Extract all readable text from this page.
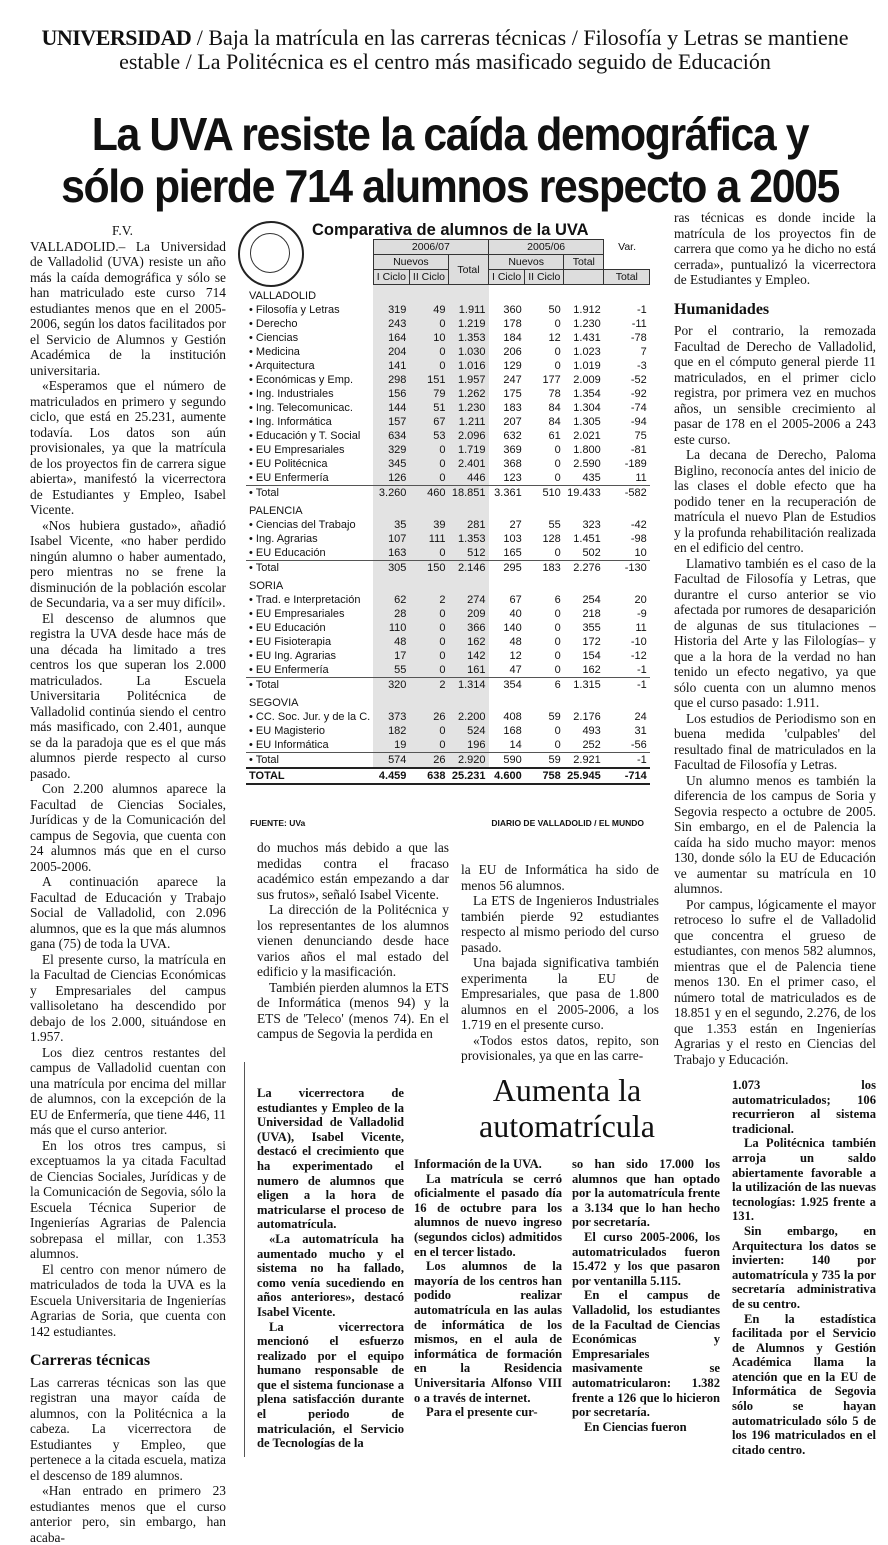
UNIVERSIDAD / Baja la matrícula en las carreras técnicas / Filosofía y Letras se mantiene estable / La Politécnica es el centro más masificado seguido de Educación
La UVA resiste la caída demográfica y sólo pierde 714 alumnos respecto a 2005

F.V.

VALLADOLID.– La Universidad de Valladolid (UVA) resiste un año más la caída demográfica y sólo se han matriculado este curso 714 estudiantes menos que en el 2005-2006, según los datos facilitados por el Servicio de Alumnos y Gestión Académica de la institución universitaria.

«Esperamos que el número de matriculados en primero y segundo ciclo, que está en 25.231, aumente todavía. Los datos son aún provisionales, ya que la matrícula de los proyectos fin de carrera sigue abierta», manifestó la vicerrectora de Estudiantes y Empleo, Isabel Vicente.

«Nos hubiera gustado», añadió Isabel Vicente, «no haber perdido ningún alumno o haber aumentado, pero mientras no se frene la disminución de la población escolar de Secundaria, va a ser muy difícil».

El descenso de alumnos que registra la UVA desde hace más de una década ha limitado a tres centros los que superan los 2.000 matriculados. La Escuela Universitaria Politécnica de Valladolid continúa siendo el centro más masificado, con 2.401, aunque se da la paradoja que es el que más alumnos pierde respecto al curso pasado.

Con 2.200 alumnos aparece la Facultad de Ciencias Sociales, Jurídicas y de la Comunicación del campus de Segovia, que cuenta con 24 alumnos más que en el curso 2005-2006.

A continuación aparece la Facultad de Educación y Trabajo Social de Valladolid, con 2.096 alumnos, que es la que más alumnos gana (75) de toda la UVA.

El presente curso, la matrícula en la Facultad de Ciencias Económicas y Empresariales del campus vallisoletano ha descendido por debajo de los 2.000, situándose en 1.957.

Los diez centros restantes del campus de Valladolid cuentan con una matrícula por encima del millar de alumnos, con la excepción de la EU de Enfermería, que tiene 446, 11 más que el curso anterior.

En los otros tres campus, si exceptuamos la ya citada Facultad de Ciencias Sociales, Jurídicas y de la Comunicación de Segovia, sólo la Escuela Técnica Superior de Ingenierías Agrarias de Palencia sobrepasa el millar, con 1.353 alumnos.

El centro con menor número de matriculados de toda la UVA es la Escuela Universitaria de Ingenierías Agrarias de Soria, que cuenta con 142 estudiantes.

Carreras técnicas

Las carreras técnicas son las que registran una mayor caída de alumnos, con la Politécnica a la cabeza. La vicerrectora de Estudiantes y Empleo, que pertenece a la citada escuela, matiza el descenso de 189 alumnos.

«Han entrado en primero 23 estudiantes menos que el curso anterior pero, sin embargo, han acaba-

Comparativa de alumnos de la UVA
	2006/07			2005/06			Var.
	Nuevos		Total	Nuevos		Total	
	I Ciclo	II Ciclo		I Ciclo	II Ciclo		Total
VALLADOLID							
• Filosofía y Letras	319	49	1.911	360	50	1.912	-1
• Derecho	243	0	1.219	178	0	1.230	-11
• Ciencias	164	10	1.353	184	12	1.431	-78
• Medicina	204	0	1.030	206	0	1.023	7
• Arquitectura	141	0	1.016	129	0	1.019	-3
• Económicas y Emp.	298	151	1.957	247	177	2.009	-52
• Ing. Industriales	156	79	1.262	175	78	1.354	-92
• Ing. Telecomunicac.	144	51	1.230	183	84	1.304	-74
• Ing. Informática	157	67	1.211	207	84	1.305	-94
• Educación y T. Social	634	53	2.096	632	61	2.021	75
• EU Empresariales	329	0	1.719	369	0	1.800	-81
• EU Politécnica	345	0	2.401	368	0	2.590	-189
• EU Enfermería	126	0	446	123	0	435	11
• Total	3.260	460	18.851	3.361	510	19.433	-582
PALENCIA							
• Ciencias del Trabajo	35	39	281	27	55	323	-42
• Ing. Agrarias	107	111	1.353	103	128	1.451	-98
• EU Educación	163	0	512	165	0	502	10
• Total	305	150	2.146	295	183	2.276	-130
SORIA							
• Trad. e Interpretación	62	2	274	67	6	254	20
• EU Empresariales	28	0	209	40	0	218	-9
• EU Educación	110	0	366	140	0	355	11
• EU Fisioterapia	48	0	162	48	0	172	-10
• EU Ing. Agrarias	17	0	142	12	0	154	-12
• EU Enfermería	55	0	161	47	0	162	-1
• Total	320	2	1.314	354	6	1.315	-1
SEGOVIA							
• CC. Soc. Jur. y de la C.	373	26	2.200	408	59	2.176	24
• EU Magisterio	182	0	524	168	0	493	31
• EU Informática	19	0	196	14	0	252	-56
• Total	574	26	2.920	590	59	2.921	-1
TOTAL	4.459	638	25.231	4.600	758	25.945	-714
FUENTE: UVa	DIARIO DE VALLADOLID / EL MUNDO

ras técnicas es donde incide la matrícula de los proyectos fin de carrera que como ya he dicho no está cerrada», puntualizó la vicerrectora de Estudiantes y Empleo.

Humanidades

Por el contrario, la remozada Facultad de Derecho de Valladolid, que en el cómputo general pierde 11 matriculados, en el primer ciclo registra, por primera vez en muchos años, un sensible crecimiento al pasar de 178 en el 2005-2006 a 243 este curso.

La decana de Derecho, Paloma Biglino, reconocía antes del inicio de las clases el doble efecto que ha podido tener en la recuperación de matrícula el nuevo Plan de Estudios y la profunda rehabilitación realizada en el edificio del centro.

Llamativo también es el caso de la Facultad de Filosofía y Letras, que durantre el curso anterior se vio afectada por rumores de desaparición de algunas de sus titulaciones –Historia del Arte y las Filologías– y que a la hora de la verdad no han tenido un efecto negativo, ya que sólo cuenta con un alumno menos que el curso pasado: 1.911.

Los estudios de Periodismo son en buena medida 'culpables' del resultado final de matriculados en la Facultad de Filosofía y Letras.

Un alumno menos es también la diferencia de los campus de Soria y Segovia respecto a octubre de 2005. Sin embargo, en el de Palencia la caída ha sido mucho mayor: menos 130, donde sólo la EU de Educación ve aumentar su matrícula en 10 alumnos.

Por campus, lógicamente el mayor retroceso lo sufre el de Valladolid que concentra el grueso de estudiantes, con menos 582 alumnos, mientras que el de Palencia tiene menos 130. En el primer caso, el número total de matriculados es de 18.851 y en el segundo, 2.276, de los que 1.353 están en Ingenierías Agrarias y el resto en Ciencias del Trabajo y Educación.

do muchos más debido a que las medidas contra el fracaso académico están empezando a dar sus frutos», señaló Isabel Vicente.

La dirección de la Politécnica y los representantes de los alumnos vienen denunciando desde hace varios años el mal estado del edificio y la masificación.

También pierden alumnos la ETS de Informática (menos 94) y la ETS de 'Teleco' (menos 74). En el campus de Segovia la perdida en

la EU de Informática ha sido de menos 56 alumnos.

La ETS de Ingenieros Industriales también pierde 92 estudiantes respecto al mismo periodo del curso pasado.

Una bajada significativa también experimenta la EU de Empresariales, que pasa de 1.800 alumnos en el 2005-2006, a los 1.719 en el presente curso.

«Todos estos datos, repito, son provisionales, ya que en las carre-

Aumenta la automatrícula

La vicerrectora de estudiantes y Empleo de la Universidad de Valladolid (UVA), Isabel Vicente, destacó el crecimiento que ha experimentado el numero de alumnos que eligen a la hora de matricularse el proceso de automatrícula.

«La automatrícula ha aumentado mucho y el sistema no ha fallado, como venía sucediendo en años anteriores», destacó Isabel Vicente.

La vicerrectora mencionó el esfuerzo realizado por el equipo humano responsable de que el sistema funcionase a plena satisfacción durante el periodo de matriculación, el Servicio de Tecnologías de la

Información de la UVA.

La matrícula se cerró oficialmente el pasado día 16 de octubre para los alumnos de nuevo ingreso (segundos ciclos) admitidos en el tercer listado.

Los alumnos de la mayoría de los centros han podido realizar automatrícula en las aulas de informática de los mismos, en el aula de informática de formación en la Residencia Universitaria Alfonso VIII o a través de internet.

Para el presente cur-

so han sido 17.000 los alumnos que han optado por la automatrícula frente a 3.134 que lo han hecho por secretaría.

El curso 2005-2006, los automatriculados fueron 15.472 y los que pasaron por ventanilla 5.115.

En el campus de Valladolid, los estudiantes de la Facultad de Ciencias Económicas y Empresariales masivamente se automatricularon: 1.382 frente a 126 que lo hicieron por secretaría.

En Ciencias fueron

1.073 los automatriculados; 106 recurrieron al sistema tradicional.

La Politécnica también arroja un saldo abiertamente favorable a la utilización de las nuevas tecnologías: 1.925 frente a 131.

Sin embargo, en Arquitectura los datos se invierten: 140 por automatrícula y 735 la por secretaría administrativa de su centro.

En la estadística facilitada por el Servicio de Alumnos y Gestión Académica llama la atención que en la EU de Informática de Segovia sólo se hayan automatriculado sólo 5 de los 196 matriculados en el citado centro.
